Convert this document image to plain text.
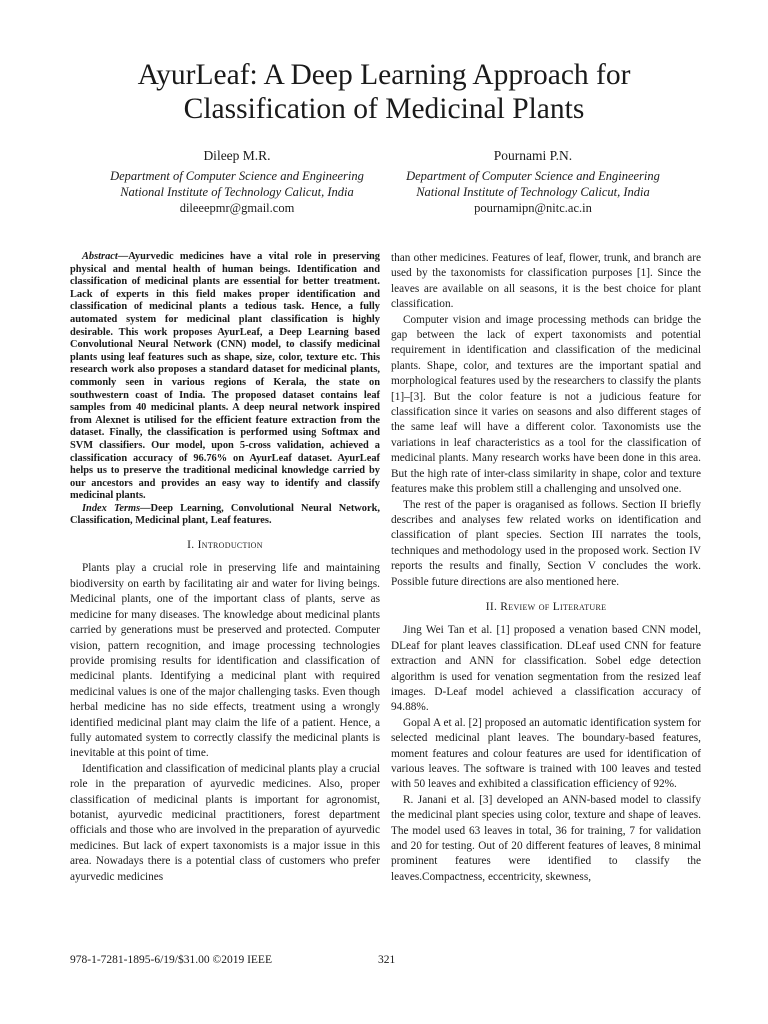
AyurLeaf: A Deep Learning Approach for
Classification of Medicinal Plants
Dileep M.R.
Department of Computer Science and Engineering
National Institute of Technology Calicut, India
dileeepmr@gmail.com
Pournami P.N.
Department of Computer Science and Engineering
National Institute of Technology Calicut, India
pournamipn@nitc.ac.in

Abstract—Ayurvedic medicines have a vital role in preserving physical and mental health of human beings. Identification and classification of medicinal plants are essential for better treatment. Lack of experts in this field makes proper identification and classification of medicinal plants a tedious task. Hence, a fully automated system for medicinal plant classification is highly desirable. This work proposes AyurLeaf, a Deep Learning based Convolutional Neural Network (CNN) model, to classify medicinal plants using leaf features such as shape, size, color, texture etc. This research work also proposes a standard dataset for medicinal plants, commonly seen in various regions of Kerala, the state on southwestern coast of India. The proposed dataset contains leaf samples from 40 medicinal plants. A deep neural network inspired from Alexnet is utilised for the efficient feature extraction from the dataset. Finally, the classification is performed using Softmax and SVM classifiers. Our model, upon 5-cross validation, achieved a classification accuracy of 96.76% on AyurLeaf dataset. AyurLeaf helps us to preserve the traditional medicinal knowledge carried by our ancestors and provides an easy way to identify and classify medicinal plants.

Index Terms—Deep Learning, Convolutional Neural Network, Classification, Medicinal plant, Leaf features.

I. Introduction

Plants play a crucial role in preserving life and maintaining biodiversity on earth by facilitating air and water for living beings. Medicinal plants, one of the important class of plants, serve as medicine for many diseases. The knowledge about medicinal plants carried by generations must be preserved and protected. Computer vision, pattern recognition, and image processing technologies provide promising results for identification and classification of medicinal plants. Identifying a medicinal plant with required medicinal values is one of the major challenging tasks. Even though herbal medicine has no side effects, treatment using a wrongly identified medicinal plant may claim the life of a patient. Hence, a fully automated system to correctly classify the medicinal plants is inevitable at this point of time.

Identification and classification of medicinal plants play a crucial role in the preparation of ayurvedic medicines. Also, proper classification of medicinal plants is important for agronomist, botanist, ayurvedic medicinal practitioners, forest department officials and those who are involved in the preparation of ayurvedic medicines. But lack of expert taxonomists is a major issue in this area. Nowadays there is a potential class of customers who prefer ayurvedic medicines

than other medicines. Features of leaf, flower, trunk, and branch are used by the taxonomists for classification purposes [1]. Since the leaves are available on all seasons, it is the best choice for plant classification.

Computer vision and image processing methods can bridge the gap between the lack of expert taxonomists and potential requirement in identification and classification of the medicinal plants. Shape, color, and textures are the important spatial and morphological features used by the researchers to classify the plants [1]–[3]. But the color feature is not a judicious feature for classification since it varies on seasons and also different stages of the same leaf will have a different color. Taxonomists use the variations in leaf characteristics as a tool for the classification of medicinal plants. Many research works have been done in this area. But the high rate of inter-class similarity in shape, color and texture features make this problem still a challenging and unsolved one.

The rest of the paper is oraganised as follows. Section II briefly describes and analyses few related works on identification and classification of plant species. Section III narrates the tools, techniques and methodology used in the proposed work. Section IV reports the results and finally, Section V concludes the work. Possible future directions are also mentioned here.

II. Review of Literature

Jing Wei Tan et al. [1] proposed a venation based CNN model, DLeaf for plant leaves classification. DLeaf used CNN for feature extraction and ANN for classification. Sobel edge detection algorithm is used for venation segmentation from the resized leaf images. D-Leaf model achieved a classification accuracy of 94.88%.

Gopal A et al. [2] proposed an automatic identification system for selected medicinal plant leaves. The boundary-based features, moment features and colour features are used for identification of various leaves. The software is trained with 100 leaves and tested with 50 leaves and exhibited a classification efficiency of 92%.

R. Janani et al. [3] developed an ANN-based model to classify the medicinal plant species using color, texture and shape of leaves. The model used 63 leaves in total, 36 for training, 7 for validation and 20 for testing. Out of 20 different features of leaves, 8 minimal prominent features were identified to classify the leaves.Compactness, eccentricity, skewness,

978-1-7281-1895-6/19/$31.00 ©2019 IEEE	321
